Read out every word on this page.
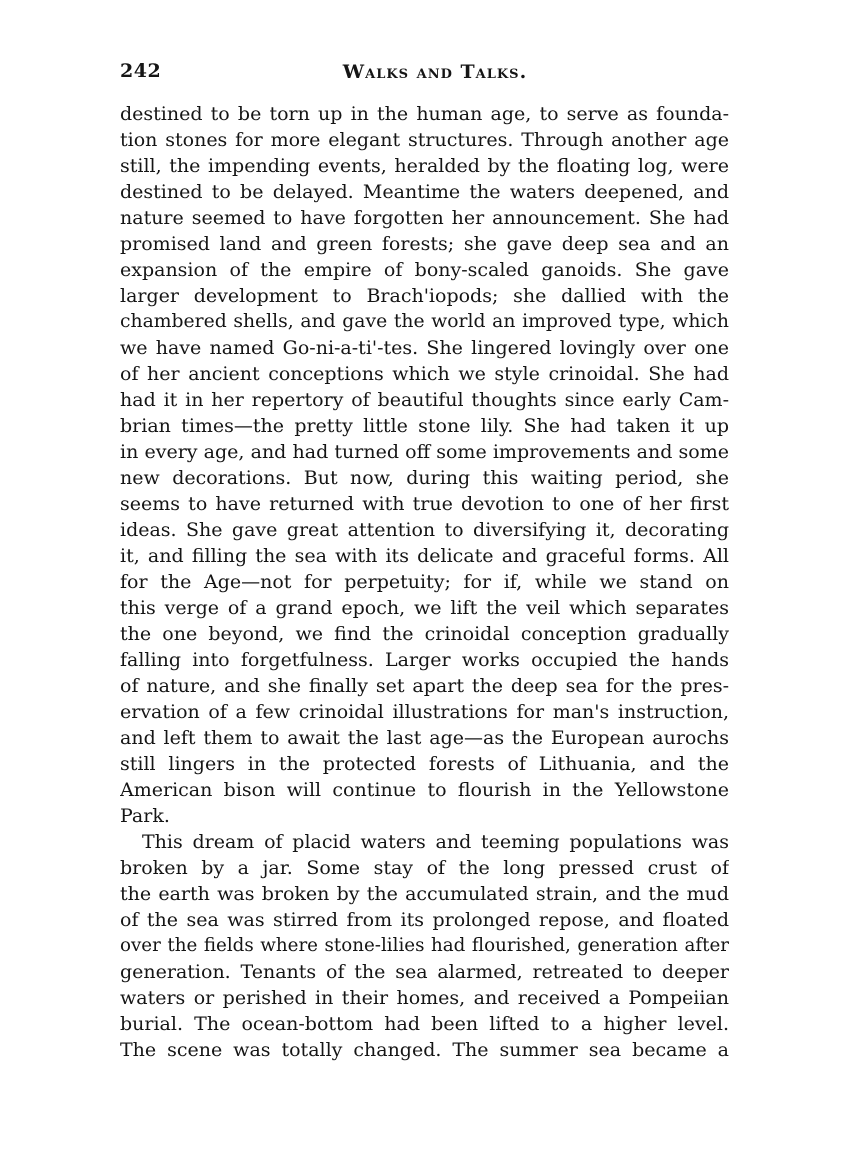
242	Walks and Talks.
destined to be torn up in the human age, to serve as founda-
tion stones for more elegant structures. Through another age
still, the impending events, heralded by the floating log, were
destined to be delayed. Meantime the waters deepened, and
nature seemed to have forgotten her announcement. She had
promised land and green forests; she gave deep sea and an
expansion of the empire of bony-scaled ganoids. She gave
larger development to Brach'iopods; she dallied with the
chambered shells, and gave the world an improved type, which
we have named Go-ni-a-ti'-tes. She lingered lovingly over one
of her ancient conceptions which we style crinoidal. She had
had it in her repertory of beautiful thoughts since early Cam-
brian times—the pretty little stone lily. She had taken it up
in every age, and had turned off some improvements and some
new decorations. But now, during this waiting period, she
seems to have returned with true devotion to one of her first
ideas. She gave great attention to diversifying it, decorating
it, and filling the sea with its delicate and graceful forms. All
for the Age—not for perpetuity; for if, while we stand on
this verge of a grand epoch, we lift the veil which separates
the one beyond, we find the crinoidal conception gradually
falling into forgetfulness. Larger works occupied the hands
of nature, and she finally set apart the deep sea for the pres-
ervation of a few crinoidal illustrations for man's instruction,
and left them to await the last age—as the European aurochs
still lingers in the protected forests of Lithuania, and the
American bison will continue to flourish in the Yellowstone
Park.
This dream of placid waters and teeming populations was
broken by a jar. Some stay of the long pressed crust of
the earth was broken by the accumulated strain, and the mud
of the sea was stirred from its prolonged repose, and floated
over the fields where stone-lilies had flourished, generation after
generation. Tenants of the sea alarmed, retreated to deeper
waters or perished in their homes, and received a Pompeiian
burial. The ocean-bottom had been lifted to a higher level.
The scene was totally changed. The summer sea became a
